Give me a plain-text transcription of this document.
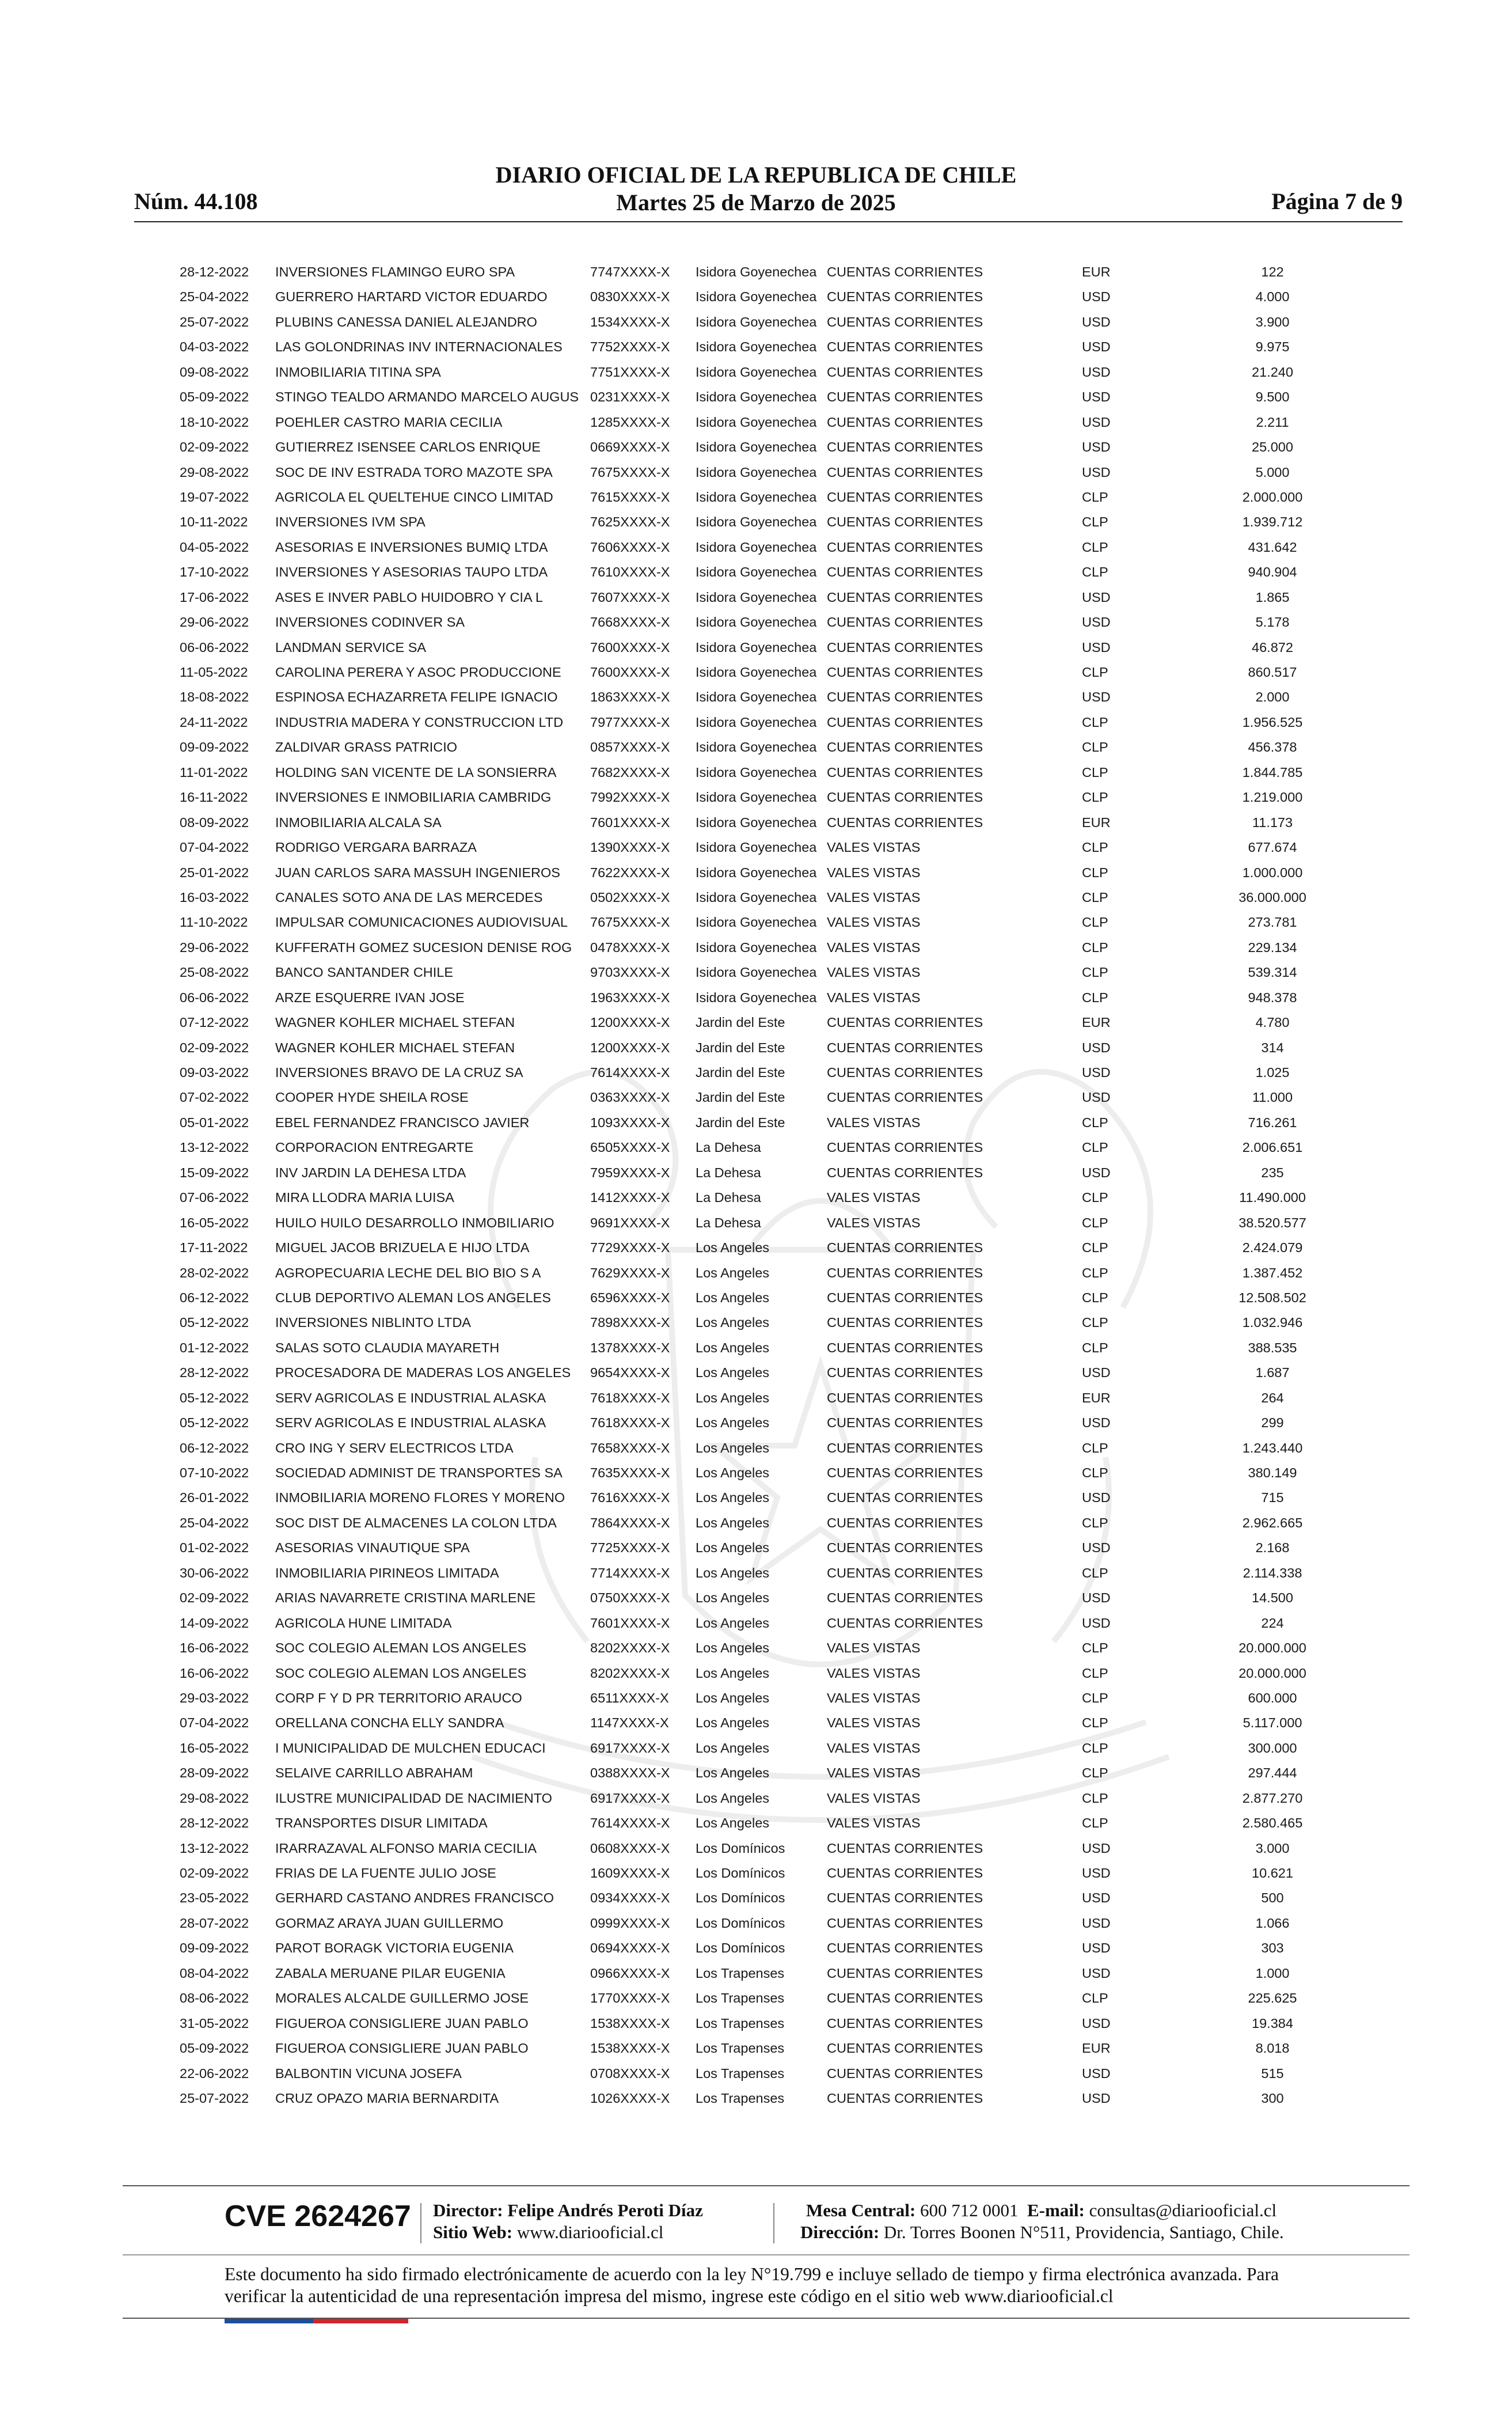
DIARIO OFICIAL DE LA REPUBLICA DE CHILE
Martes 25 de Marzo de 2025
Núm. 44.108	Página 7 de 9
28-12-2022 INVERSIONES FLAMINGO EURO SPA	7747XXXX-X Isidora Goyenechea CUENTAS CORRIENTES	EUR	122
25-04-2022 GUERRERO HARTARD VICTOR EDUARDO	0830XXXX-X Isidora Goyenechea CUENTAS CORRIENTES	USD	4.000
25-07-2022 PLUBINS CANESSA DANIEL ALEJANDRO	1534XXXX-X Isidora Goyenechea CUENTAS CORRIENTES	USD	3.900
04-03-2022 LAS GOLONDRINAS INV INTERNACIONALES 7752XXXX-X Isidora Goyenechea CUENTAS CORRIENTES	USD	9.975
09-08-2022 INMOBILIARIA TITINA SPA	7751XXXX-X Isidora Goyenechea CUENTAS CORRIENTES	USD	21.240
05-09-2022 STINGO TEALDO ARMANDO MARCELO AUGUS 0231XXXX-X Isidora Goyenechea CUENTAS CORRIENTES	USD	9.500
18-10-2022 POEHLER CASTRO MARIA CECILIA	1285XXXX-X Isidora Goyenechea CUENTAS CORRIENTES	USD	2.211
02-09-2022 GUTIERREZ ISENSEE CARLOS ENRIQUE	0669XXXX-X Isidora Goyenechea CUENTAS CORRIENTES	USD	25.000
29-08-2022 SOC DE INV ESTRADA TORO MAZOTE SPA	7675XXXX-X Isidora Goyenechea CUENTAS CORRIENTES	USD	5.000
19-07-2022 AGRICOLA EL QUELTEHUE CINCO LIMITAD	7615XXXX-X Isidora Goyenechea CUENTAS CORRIENTES	CLP	2.000.000
10-11-2022 INVERSIONES IVM SPA	7625XXXX-X Isidora Goyenechea CUENTAS CORRIENTES	CLP	1.939.712
04-05-2022 ASESORIAS E INVERSIONES BUMIQ LTDA	7606XXXX-X Isidora Goyenechea CUENTAS CORRIENTES	CLP	431.642
17-10-2022 INVERSIONES Y ASESORIAS TAUPO LTDA	7610XXXX-X Isidora Goyenechea CUENTAS CORRIENTES	CLP	940.904
17-06-2022 ASES E INVER PABLO HUIDOBRO Y CIA L	7607XXXX-X Isidora Goyenechea CUENTAS CORRIENTES	USD	1.865
29-06-2022 INVERSIONES CODINVER SA	7668XXXX-X Isidora Goyenechea CUENTAS CORRIENTES	USD	5.178
06-06-2022 LANDMAN SERVICE SA	7600XXXX-X Isidora Goyenechea CUENTAS CORRIENTES	USD	46.872
11-05-2022 CAROLINA PERERA Y ASOC PRODUCCIONE 7600XXXX-X Isidora Goyenechea CUENTAS CORRIENTES	CLP	860.517
18-08-2022 ESPINOSA ECHAZARRETA FELIPE IGNACIO 1863XXXX-X Isidora Goyenechea CUENTAS CORRIENTES	USD	2.000
24-11-2022 INDUSTRIA MADERA Y CONSTRUCCION LTD 7977XXXX-X Isidora Goyenechea CUENTAS CORRIENTES	CLP	1.956.525
09-09-2022 ZALDIVAR GRASS PATRICIO	0857XXXX-X Isidora Goyenechea CUENTAS CORRIENTES	CLP	456.378
11-01-2022 HOLDING SAN VICENTE DE LA SONSIERRA 7682XXXX-X Isidora Goyenechea CUENTAS CORRIENTES	CLP	1.844.785
16-11-2022 INVERSIONES E INMOBILIARIA CAMBRIDG	7992XXXX-X Isidora Goyenechea CUENTAS CORRIENTES	CLP	1.219.000
08-09-2022 INMOBILIARIA ALCALA SA	7601XXXX-X Isidora Goyenechea CUENTAS CORRIENTES	EUR	11.173
07-04-2022 RODRIGO VERGARA BARRAZA	1390XXXX-X Isidora Goyenechea VALES VISTAS	CLP	677.674
25-01-2022 JUAN CARLOS SARA MASSUH INGENIEROS 7622XXXX-X Isidora Goyenechea VALES VISTAS	CLP	1.000.000
16-03-2022 CANALES SOTO ANA DE LAS MERCEDES	0502XXXX-X Isidora Goyenechea VALES VISTAS	CLP	36.000.000
11-10-2022 IMPULSAR COMUNICACIONES AUDIOVISUAL 7675XXXX-X Isidora Goyenechea VALES VISTAS	CLP	273.781
29-06-2022 KUFFERATH GOMEZ SUCESION DENISE ROG 0478XXXX-X Isidora Goyenechea VALES VISTAS	CLP	229.134
25-08-2022 BANCO SANTANDER CHILE	9703XXXX-X Isidora Goyenechea VALES VISTAS	CLP	539.314
06-06-2022 ARZE ESQUERRE IVAN JOSE	1963XXXX-X Isidora Goyenechea VALES VISTAS	CLP	948.378
07-12-2022 WAGNER KOHLER MICHAEL STEFAN	1200XXXX-X Jardin del Este	CUENTAS CORRIENTES	EUR	4.780
02-09-2022 WAGNER KOHLER MICHAEL STEFAN	1200XXXX-X Jardin del Este	CUENTAS CORRIENTES	USD	314
09-03-2022 INVERSIONES BRAVO DE LA CRUZ SA	7614XXXX-X Jardin del Este	CUENTAS CORRIENTES	USD	1.025
07-02-2022 COOPER HYDE SHEILA ROSE	0363XXXX-X Jardin del Este	CUENTAS CORRIENTES	USD	11.000
05-01-2022 EBEL FERNANDEZ FRANCISCO JAVIER	1093XXXX-X Jardin del Este	VALES VISTAS	CLP	716.261
13-12-2022 CORPORACION ENTREGARTE	6505XXXX-X La Dehesa	CUENTAS CORRIENTES	CLP	2.006.651
15-09-2022 INV JARDIN LA DEHESA LTDA	7959XXXX-X La Dehesa	CUENTAS CORRIENTES	USD	235
07-06-2022 MIRA LLODRA MARIA LUISA	1412XXXX-X La Dehesa	VALES VISTAS	CLP	11.490.000
16-05-2022 HUILO HUILO DESARROLLO INMOBILIARIO	9691XXXX-X La Dehesa	VALES VISTAS	CLP	38.520.577
17-11-2022 MIGUEL JACOB BRIZUELA E HIJO LTDA	7729XXXX-X Los Angeles	CUENTAS CORRIENTES	CLP	2.424.079
28-02-2022 AGROPECUARIA LECHE DEL BIO BIO S A	7629XXXX-X Los Angeles	CUENTAS CORRIENTES	CLP	1.387.452
06-12-2022 CLUB DEPORTIVO ALEMAN LOS ANGELES	6596XXXX-X Los Angeles	CUENTAS CORRIENTES	CLP	12.508.502
05-12-2022 INVERSIONES NIBLINTO LTDA	7898XXXX-X Los Angeles	CUENTAS CORRIENTES	CLP	1.032.946
01-12-2022 SALAS SOTO CLAUDIA MAYARETH	1378XXXX-X Los Angeles	CUENTAS CORRIENTES	CLP	388.535
28-12-2022 PROCESADORA DE MADERAS LOS ANGELES 9654XXXX-X Los Angeles	CUENTAS CORRIENTES	USD	1.687
05-12-2022 SERV AGRICOLAS E INDUSTRIAL ALASKA	7618XXXX-X Los Angeles	CUENTAS CORRIENTES	EUR	264
05-12-2022 SERV AGRICOLAS E INDUSTRIAL ALASKA	7618XXXX-X Los Angeles	CUENTAS CORRIENTES	USD	299
06-12-2022 CRO ING Y SERV ELECTRICOS LTDA	7658XXXX-X Los Angeles	CUENTAS CORRIENTES	CLP	1.243.440
07-10-2022 SOCIEDAD ADMINIST DE TRANSPORTES SA 7635XXXX-X Los Angeles	CUENTAS CORRIENTES	CLP	380.149
26-01-2022 INMOBILIARIA MORENO FLORES Y MORENO 7616XXXX-X Los Angeles	CUENTAS CORRIENTES	USD	715
25-04-2022 SOC DIST DE ALMACENES LA COLON LTDA 7864XXXX-X Los Angeles	CUENTAS CORRIENTES	CLP	2.962.665
01-02-2022 ASESORIAS VINAUTIQUE SPA	7725XXXX-X Los Angeles	CUENTAS CORRIENTES	USD	2.168
30-06-2022 INMOBILIARIA PIRINEOS LIMITADA	7714XXXX-X Los Angeles	CUENTAS CORRIENTES	CLP	2.114.338
02-09-2022 ARIAS NAVARRETE CRISTINA MARLENE	0750XXXX-X Los Angeles	CUENTAS CORRIENTES	USD	14.500
14-09-2022 AGRICOLA HUNE LIMITADA	7601XXXX-X Los Angeles	CUENTAS CORRIENTES	USD	224
16-06-2022 SOC COLEGIO ALEMAN LOS ANGELES	8202XXXX-X Los Angeles	VALES VISTAS	CLP	20.000.000
16-06-2022 SOC COLEGIO ALEMAN LOS ANGELES	8202XXXX-X Los Angeles	VALES VISTAS	CLP	20.000.000
29-03-2022 CORP F Y D PR TERRITORIO ARAUCO	6511XXXX-X Los Angeles	VALES VISTAS	CLP	600.000
07-04-2022 ORELLANA CONCHA ELLY SANDRA	1147XXXX-X Los Angeles	VALES VISTAS	CLP	5.117.000
16-05-2022 I MUNICIPALIDAD DE MULCHEN EDUCACI	6917XXXX-X Los Angeles	VALES VISTAS	CLP	300.000
28-09-2022 SELAIVE CARRILLO ABRAHAM	0388XXXX-X Los Angeles	VALES VISTAS	CLP	297.444
29-08-2022 ILUSTRE MUNICIPALIDAD DE NACIMIENTO	6917XXXX-X Los Angeles	VALES VISTAS	CLP	2.877.270
28-12-2022 TRANSPORTES DISUR LIMITADA	7614XXXX-X Los Angeles	VALES VISTAS	CLP	2.580.465
13-12-2022 IRARRAZAVAL ALFONSO MARIA CECILIA	0608XXXX-X Los Domínicos	CUENTAS CORRIENTES	USD	3.000
02-09-2022 FRIAS DE LA FUENTE JULIO JOSE	1609XXXX-X Los Domínicos	CUENTAS CORRIENTES	USD	10.621
23-05-2022 GERHARD CASTANO ANDRES FRANCISCO	0934XXXX-X Los Domínicos	CUENTAS CORRIENTES	USD	500
28-07-2022 GORMAZ ARAYA JUAN GUILLERMO	0999XXXX-X Los Domínicos	CUENTAS CORRIENTES	USD	1.066
09-09-2022 PAROT BORAGK VICTORIA EUGENIA	0694XXXX-X Los Domínicos	CUENTAS CORRIENTES	USD	303
08-04-2022 ZABALA MERUANE PILAR EUGENIA	0966XXXX-X Los Trapenses	CUENTAS CORRIENTES	USD	1.000
08-06-2022 MORALES ALCALDE GUILLERMO JOSE	1770XXXX-X Los Trapenses	CUENTAS CORRIENTES	CLP	225.625
31-05-2022 FIGUEROA CONSIGLIERE JUAN PABLO	1538XXXX-X Los Trapenses	CUENTAS CORRIENTES	USD	19.384
05-09-2022 FIGUEROA CONSIGLIERE JUAN PABLO	1538XXXX-X Los Trapenses	CUENTAS CORRIENTES	EUR	8.018
22-06-2022 BALBONTIN VICUNA JOSEFA	0708XXXX-X Los Trapenses	CUENTAS CORRIENTES	USD	515
25-07-2022 CRUZ OPAZO MARIA BERNARDITA	1026XXXX-X Los Trapenses	CUENTAS CORRIENTES	USD	300
CVE 2624267 Director: Felipe Andrés Peroti Díaz
Sitio Web: www.diariooficial.cl
Mesa Central: 600 712 0001 E-mail: consultas@diariooficial.cl
Dirección: Dr. Torres Boonen N°511, Providencia, Santiago, Chile.
Este documento ha sido firmado electrónicamente de acuerdo con la ley N°19.799 e incluye sellado de tiempo y firma electrónica avanzada. Para verificar la autenticidad de una representación impresa del mismo, ingrese este código en el sitio web www.diariooficial.cl
